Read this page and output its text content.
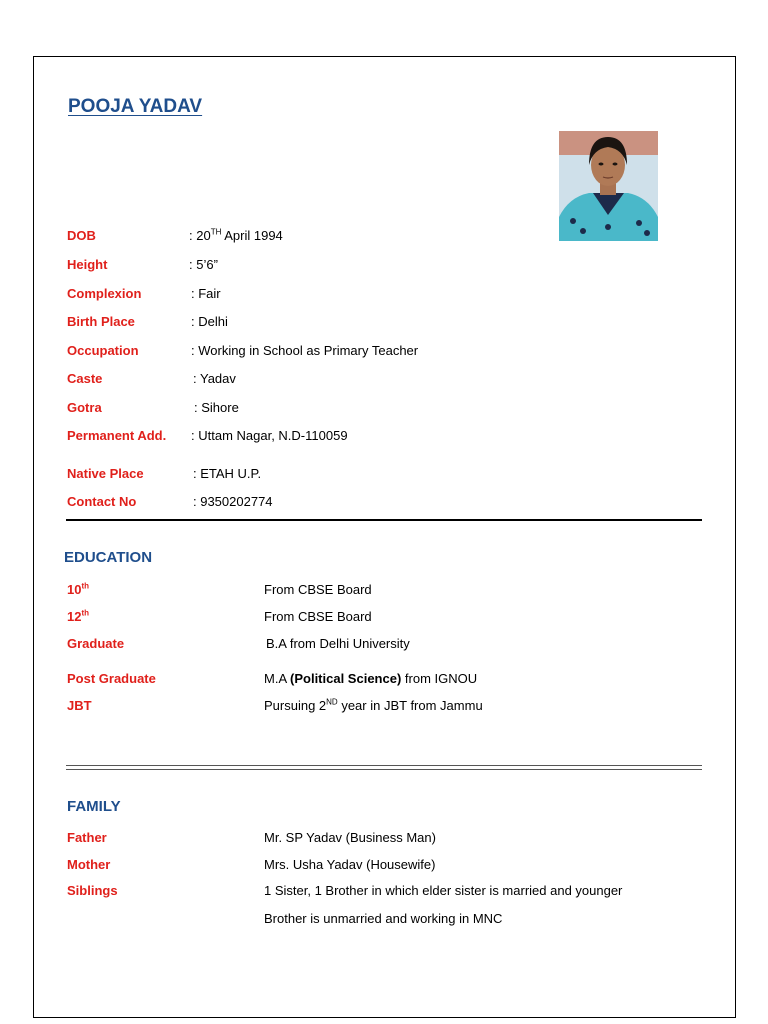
POOJA YADAV
DOB	: 20TH April 1994
Height	: 5’6”
Complexion	: Fair
Birth Place	: Delhi
Occupation	: Working in School as Primary Teacher
Caste	: Yadav
Gotra	: Sihore
Permanent Add. : Uttam Nagar, N.D-110059
Native Place	: ETAH U.P.
Contact No	: 9350202774
EDUCATION
10th	From CBSE Board
12th	From CBSE Board
Graduate	B.A from Delhi University
Post Graduate	M.A (Political Science) from IGNOU
JBT	Pursuing 2ND year in JBT from Jammu
FAMILY
Father	Mr. SP Yadav (Business Man)
Mother	Mrs. Usha Yadav (Housewife)
Siblings	1 Sister, 1 Brother in which elder sister is married and younger
Brother is unmarried and working in MNC
